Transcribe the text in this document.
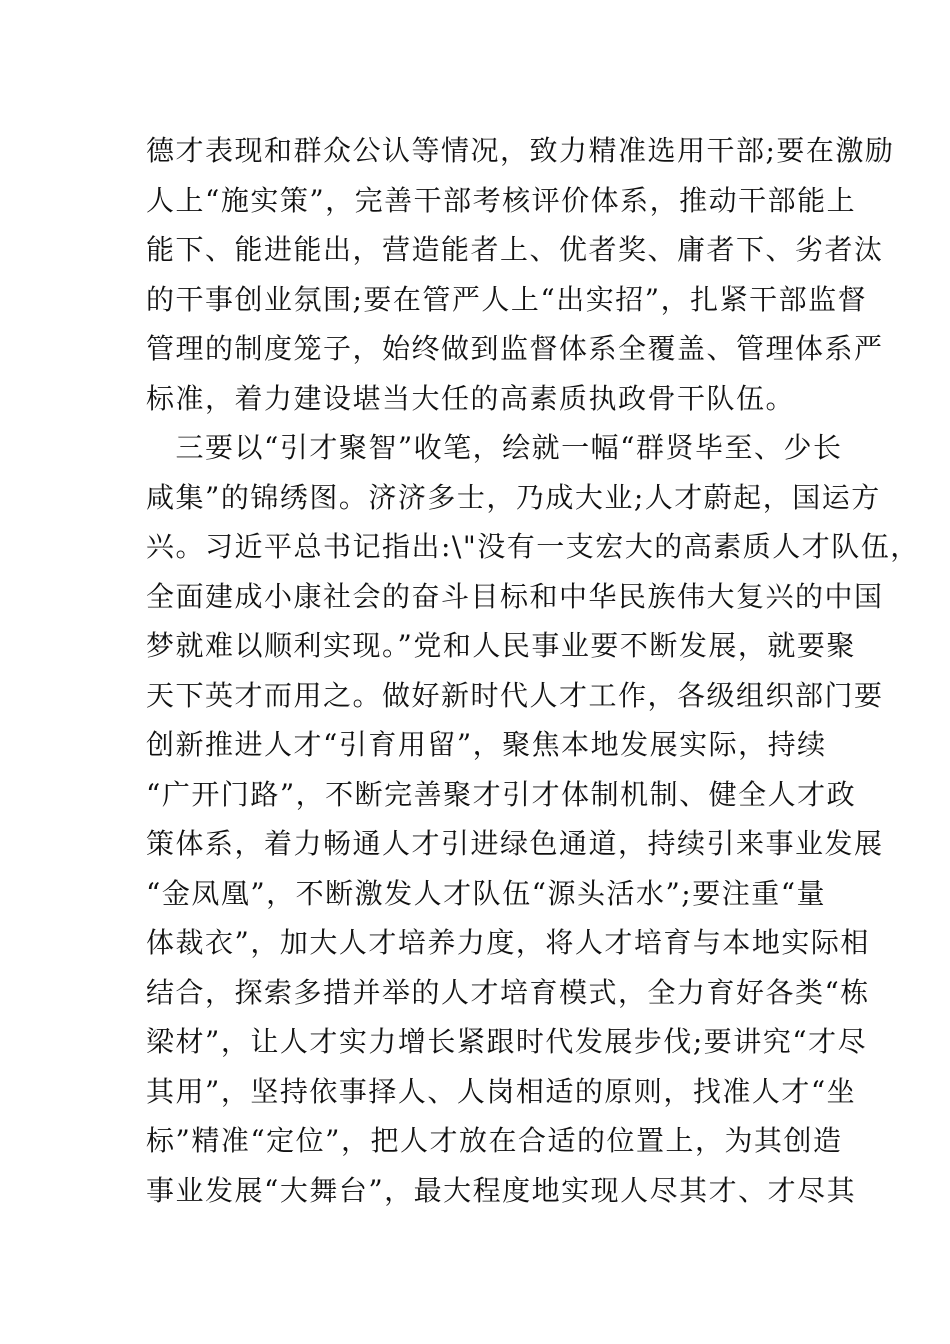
德才表现和群众公认等情况，致力精准选用干部;要在激励
人上“施实策”，完善干部考核评价体系，推动干部能上
能下、能进能出，营造能者上、优者奖、庸者下、劣者汰
的干事创业氛围;要在管严人上“出实招”，扎紧干部监督
管理的制度笼子，始终做到监督体系全覆盖、管理体系严
标准，着力建设堪当大任的高素质执政骨干队伍。
　三要以“引才聚智”收笔，绘就一幅“群贤毕至、少长
咸集”的锦绣图。济济多士，乃成大业;人才蔚起，国运方
兴。习近平总书记指出:\"没有一支宏大的高素质人才队伍，
全面建成小康社会的奋斗目标和中华民族伟大复兴的中国
梦就难以顺利实现。”党和人民事业要不断发展，就要聚
天下英才而用之。做好新时代人才工作，各级组织部门要
创新推进人才“引育用留”，聚焦本地发展实际，持续
“广开门路”，不断完善聚才引才体制机制、健全人才政
策体系，着力畅通人才引进绿色通道，持续引来事业发展
“金凤凰”，不断激发人才队伍“源头活水”;要注重“量
体裁衣”，加大人才培养力度，将人才培育与本地实际相
结合，探索多措并举的人才培育模式，全力育好各类“栋
梁材”，让人才实力增长紧跟时代发展步伐;要讲究“才尽
其用”，坚持依事择人、人岗相适的原则，找准人才“坐
标”精准“定位”，把人才放在合适的位置上，为其创造
事业发展“大舞台”，最大程度地实现人尽其才、才尽其
